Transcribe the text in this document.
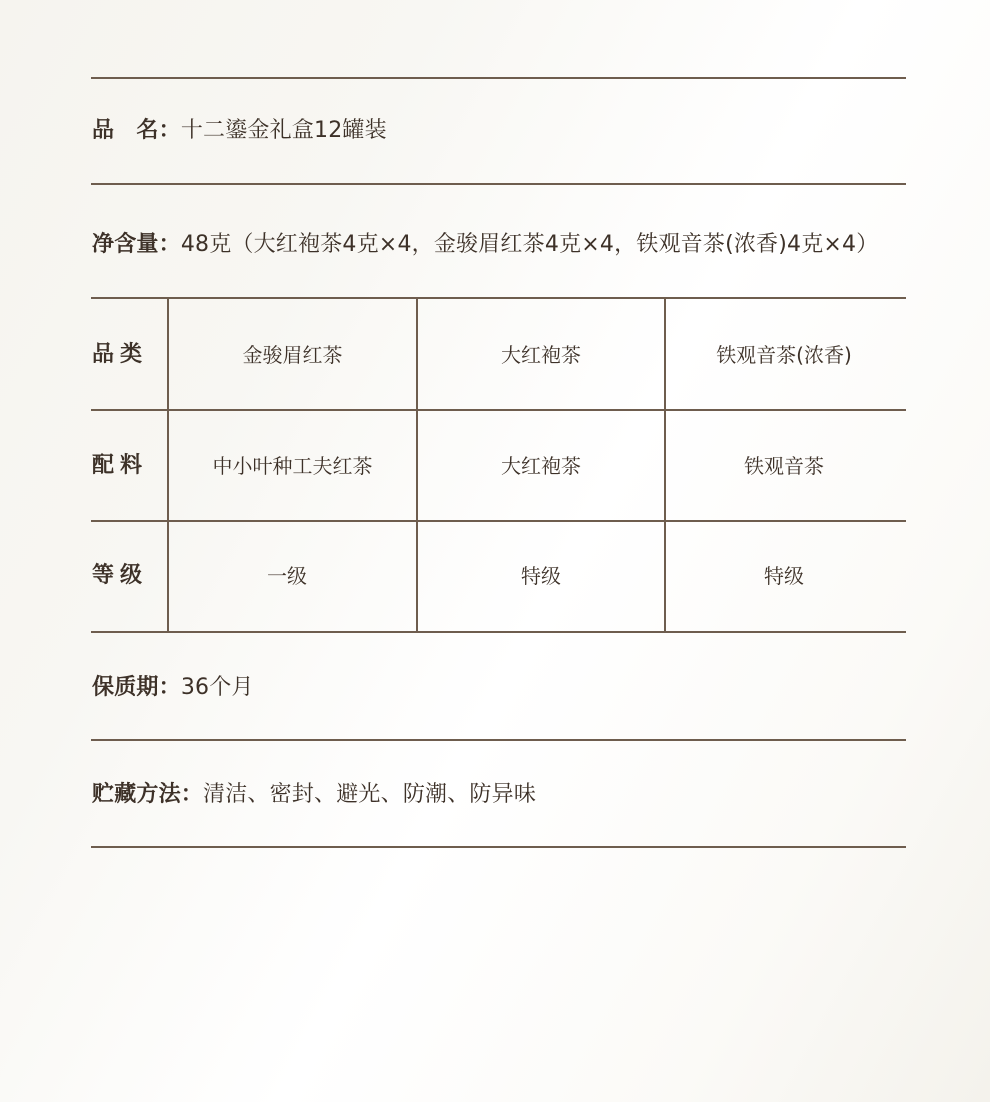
品　名：十二鎏金礼盒12罐装
净含量：48克（大红袍茶4克×4，金骏眉红茶4克×4，铁观音茶(浓香)4克×4）
品类	金骏眉红茶	大红袍茶	铁观音茶(浓香)
配料	中小叶种工夫红茶	大红袍茶	铁观音茶
等级	一级	特级	特级
保质期：36个月
贮藏方法：清洁、密封、避光、防潮、防异味
